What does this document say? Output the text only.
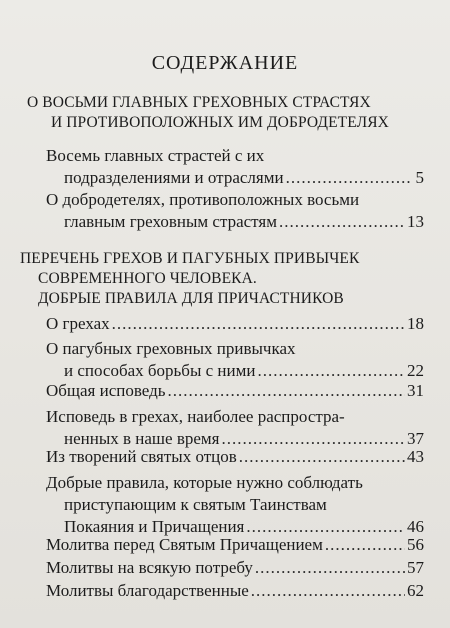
СОДЕРЖАНИЕ
О ВОСЬМИ ГЛАВНЫХ ГРЕХОВНЫХ СТРАСТЯХ
И ПРОТИВОПОЛОЖНЫХ ИМ ДОБРОДЕТЕЛЯХ
Восемь главных страстей с их
подразделениями и отраслями .....	5
О добродетелях, противоположных восьми
главным греховным страстям .....	13
ПЕРЕЧЕНЬ ГРЕХОВ И ПАГУБНЫХ ПРИВЫЧЕК
СОВРЕМЕННОГО ЧЕЛОВЕКА.
ДОБРЫЕ ПРАВИЛА ДЛЯ ПРИЧАСТНИКОВ
О грехах .....	18
О пагубных греховных привычках
и способах борьбы с ними .....	22
Общая исповедь .....	31
Исповедь в грехах, наиболее распростра-
ненных в наше время .....	37
Из творений святых отцов .....	43
Добрые правила, которые нужно соблюдать
приступающим к святым Таинствам
Покаяния и Причащения .....	46
Молитва перед Святым Причащением .....	56
Молитвы на всякую потребу .....	57
Молитвы благодарственные .....	62
